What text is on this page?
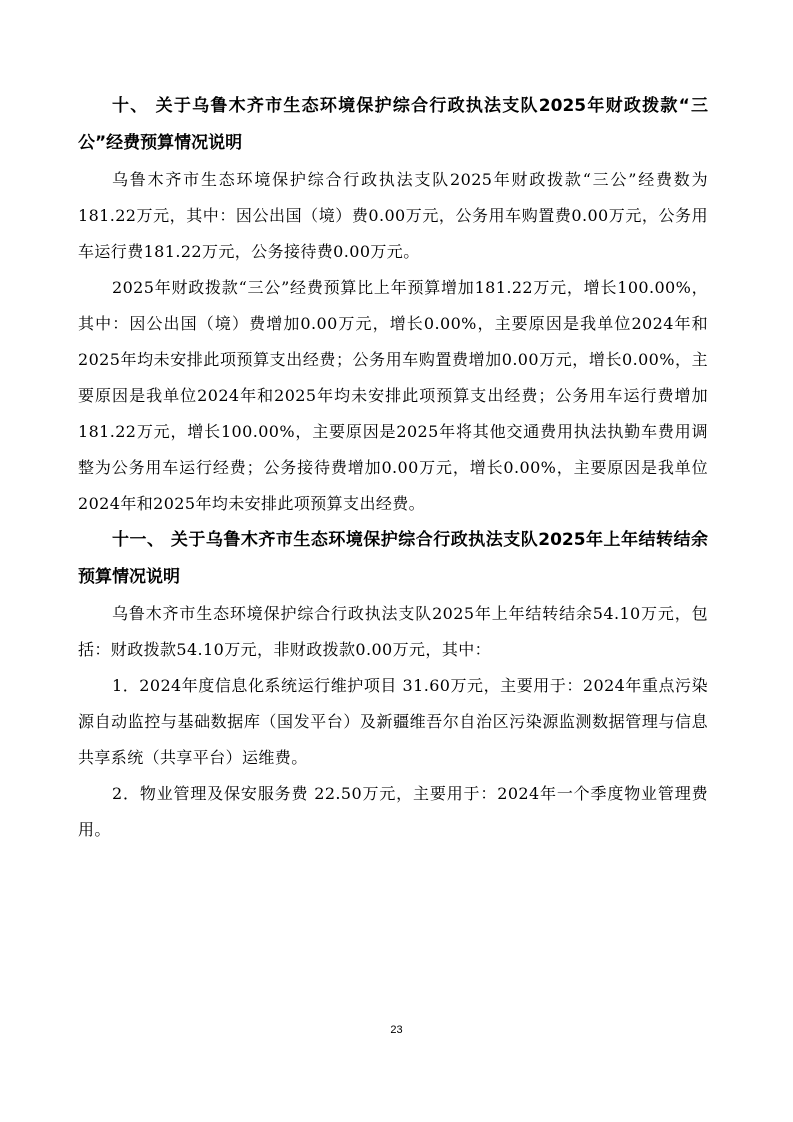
十、 关于乌鲁木齐市生态环境保护综合行政执法支队2025年财政拨款“三公”经费预算情况说明

乌鲁木齐市生态环境保护综合行政执法支队2025年财政拨款“三公”经费数为181.22万元，其中：因公出国（境）费0.00万元，公务用车购置费0.00万元，公务用车运行费181.22万元，公务接待费0.00万元。

2025年财政拨款“三公”经费预算比上年预算增加181.22万元，增长100.00%，其中：因公出国（境）费增加0.00万元，增长0.00%，主要原因是我单位2024年和2025年均未安排此项预算支出经费；公务用车购置费增加0.00万元，增长0.00%，主要原因是我单位2024年和2025年均未安排此项预算支出经费；公务用车运行费增加181.22万元，增长100.00%，主要原因是2025年将其他交通费用执法执勤车费用调整为公务用车运行经费；公务接待费增加0.00万元，增长0.00%，主要原因是我单位2024年和2025年均未安排此项预算支出经费。

十一、 关于乌鲁木齐市生态环境保护综合行政执法支队2025年上年结转结余预算情况说明

乌鲁木齐市生态环境保护综合行政执法支队2025年上年结转结余54.10万元，包括：财政拨款54.10万元，非财政拨款0.00万元，其中：

1．2024年度信息化系统运行维护项目 31.60万元，主要用于：2024年重点污染源自动监控与基础数据库（国发平台）及新疆维吾尔自治区污染源监测数据管理与信息共享系统（共享平台）运维费。

2．物业管理及保安服务费 22.50万元，主要用于：2024年一个季度物业管理费用。

23
